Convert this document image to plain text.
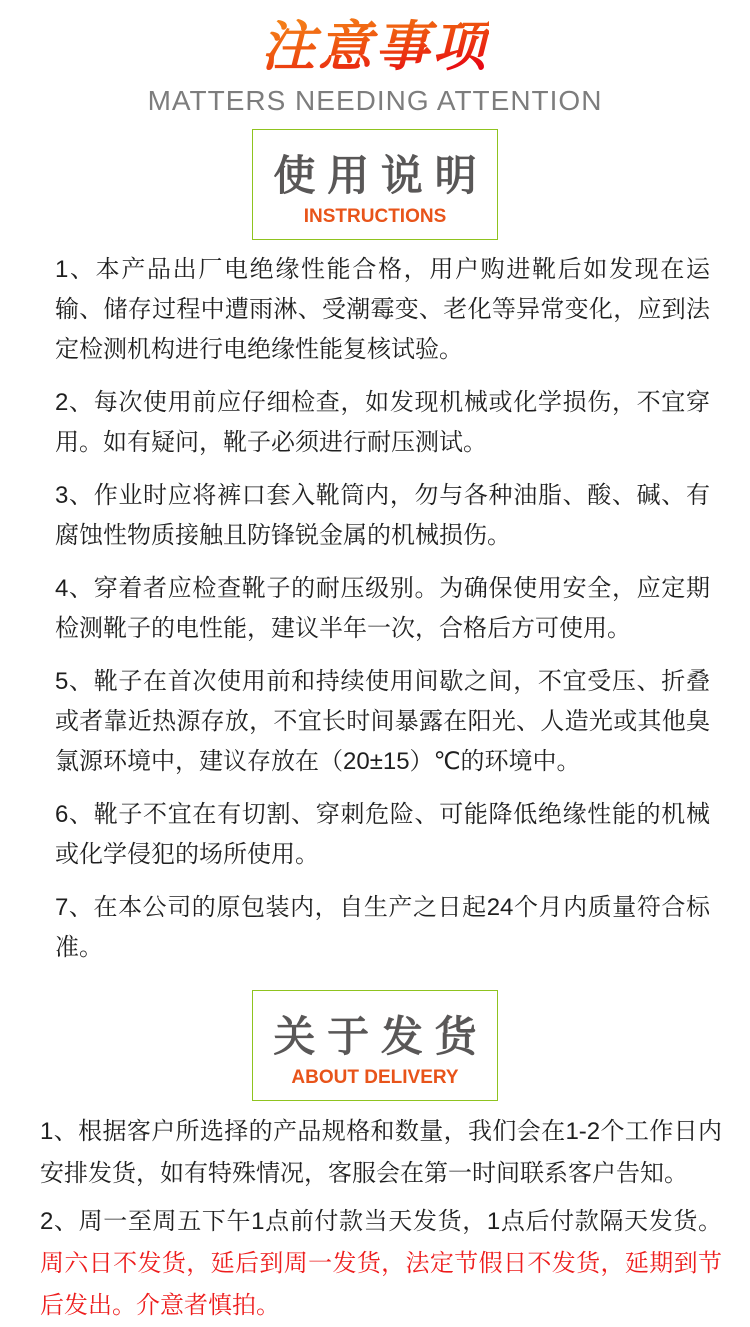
注意事项
MATTERS NEEDING ATTENTION
使用说明
INSTRUCTIONS

1、本产品出厂电绝缘性能合格，用户购进靴后如发现在运输、储存过程中遭雨淋、受潮霉变、老化等异常变化，应到法定检测机构进行电绝缘性能复核试验。

2、每次使用前应仔细检查，如发现机械或化学损伤，不宜穿用。如有疑问，靴子必须进行耐压测试。

3、作业时应将裤口套入靴筒内，勿与各种油脂、酸、碱、有腐蚀性物质接触且防锋锐金属的机械损伤。

4、穿着者应检查靴子的耐压级别。为确保使用安全，应定期检测靴子的电性能，建议半年一次，合格后方可使用。

5、靴子在首次使用前和持续使用间歇之间，不宜受压、折叠或者靠近热源存放，不宜长时间暴露在阳光、人造光或其他臭氯源环境中，建议存放在（20±15）℃的环境中。

6、靴子不宜在有切割、穿刺危险、可能降低绝缘性能的机械或化学侵犯的场所使用。

7、在本公司的原包装内，自生产之日起24个月内质量符合标准。

关于发货
ABOUT DELIVERY

1、根据客户所选择的产品规格和数量，我们会在1-2个工作日内安排发货，如有特殊情况，客服会在第一时间联系客户告知。

2、周一至周五下午1点前付款当天发货，1点后付款隔天发货。周六日不发货，延后到周一发货，法定节假日不发货，延期到节后发出。介意者慎拍。
